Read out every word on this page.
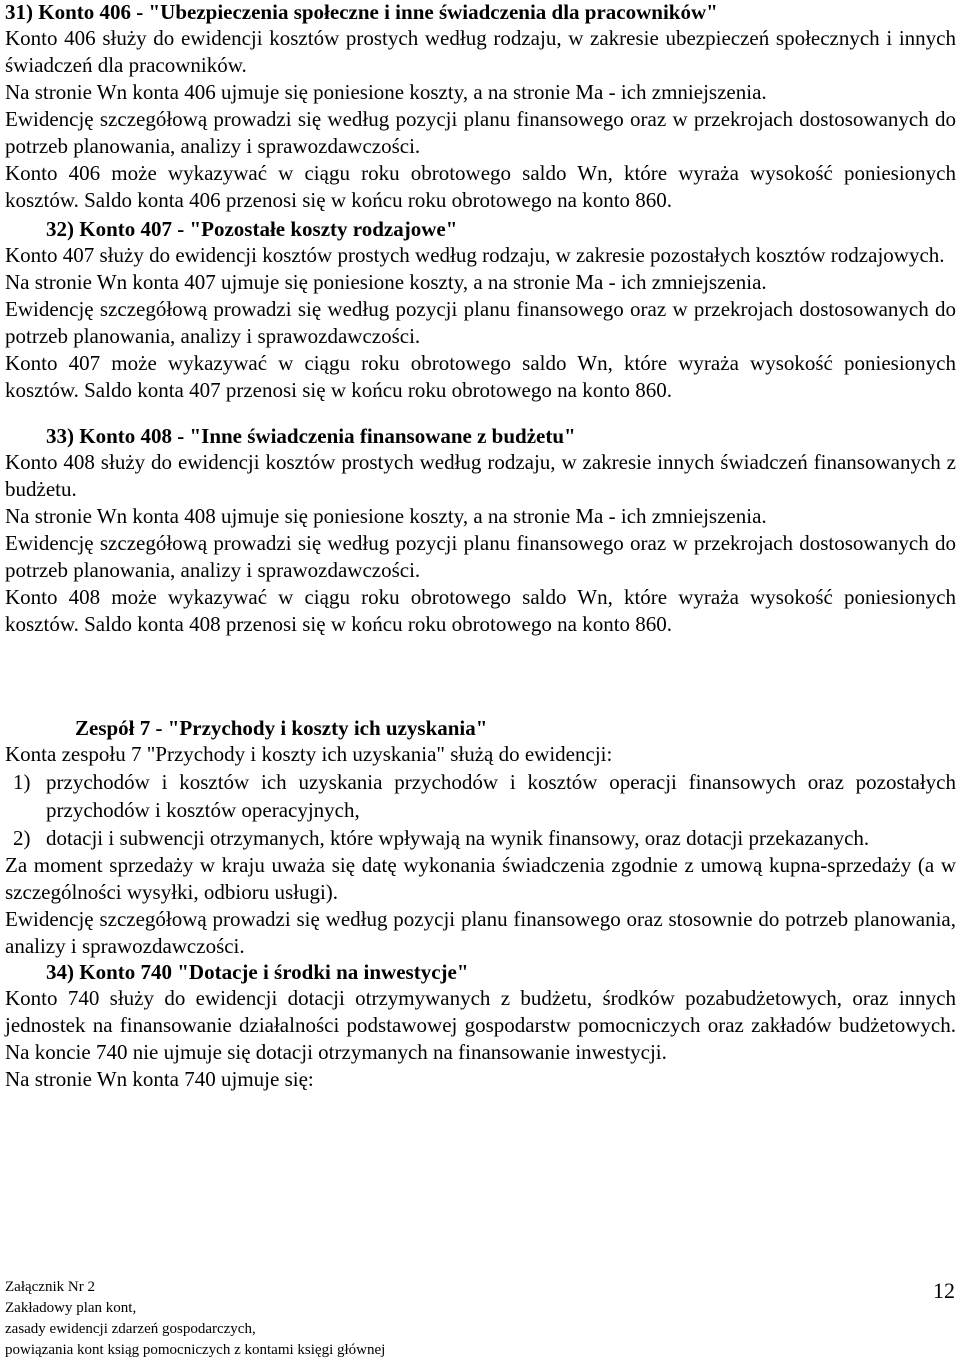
31) Konto 406 - "Ubezpieczenia społeczne i inne świadczenia dla pracowników"

Konto 406 służy do ewidencji kosztów prostych według rodzaju, w zakresie ubezpieczeń społecznych i innych świadczeń dla pracowników.

Na stronie Wn konta 406 ujmuje się poniesione koszty, a na stronie Ma - ich zmniejszenia.

Ewidencję szczegółową prowadzi się według pozycji planu finansowego oraz w przekrojach dostosowanych do potrzeb planowania, analizy i sprawozdawczości.

Konto 406 może wykazywać w ciągu roku obrotowego saldo Wn, które wyraża wysokość poniesionych kosztów. Saldo konta 406 przenosi się w końcu roku obrotowego na konto 860.

32) Konto 407 - "Pozostałe koszty rodzajowe"

Konto 407 służy do ewidencji kosztów prostych według rodzaju, w zakresie pozostałych kosztów rodzajowych.

Na stronie Wn konta 407 ujmuje się poniesione koszty, a na stronie Ma - ich zmniejszenia.

Ewidencję szczegółową prowadzi się według pozycji planu finansowego oraz w przekrojach dostosowanych do potrzeb planowania, analizy i sprawozdawczości.

Konto 407 może wykazywać w ciągu roku obrotowego saldo Wn, które wyraża wysokość poniesionych kosztów. Saldo konta 407 przenosi się w końcu roku obrotowego na konto 860.

33) Konto 408 - "Inne świadczenia finansowane z budżetu"

Konto 408 służy do ewidencji kosztów prostych według rodzaju, w zakresie innych świadczeń finansowanych z budżetu.

Na stronie Wn konta 408 ujmuje się poniesione koszty, a na stronie Ma - ich zmniejszenia.

Ewidencję szczegółową prowadzi się według pozycji planu finansowego oraz w przekrojach dostosowanych do potrzeb planowania, analizy i sprawozdawczości.

Konto 408 może wykazywać w ciągu roku obrotowego saldo Wn, które wyraża wysokość poniesionych kosztów. Saldo konta 408 przenosi się w końcu roku obrotowego na konto 860.

Zespół 7 - "Przychody i koszty ich uzyskania"

Konta zespołu 7 "Przychody i koszty ich uzyskania" służą do ewidencji:

1) przychodów i kosztów ich uzyskania przychodów i kosztów operacji finansowych oraz pozostałych przychodów i kosztów operacyjnych,
2) dotacji i subwencji otrzymanych, które wpływają na wynik finansowy, oraz dotacji przekazanych.

Za moment sprzedaży w kraju uważa się datę wykonania świadczenia zgodnie z umową kupna-sprzedaży (a w szczególności wysyłki, odbioru usługi).

Ewidencję szczegółową prowadzi się według pozycji planu finansowego oraz stosownie do potrzeb planowania, analizy i sprawozdawczości.

34) Konto 740 "Dotacje i środki na inwestycje"

Konto 740 służy do ewidencji dotacji otrzymywanych z budżetu, środków pozabudżetowych, oraz innych jednostek na finansowanie działalności podstawowej gospodarstw pomocniczych oraz zakładów budżetowych. Na koncie 740 nie ujmuje się dotacji otrzymanych na finansowanie inwestycji.

Na stronie Wn konta 740 ujmuje się:

Załącznik Nr 2
Zakładowy plan kont,
zasady ewidencji zdarzeń gospodarczych,
powiązania kont ksiąg pomocniczych z kontami księgi głównej
12
